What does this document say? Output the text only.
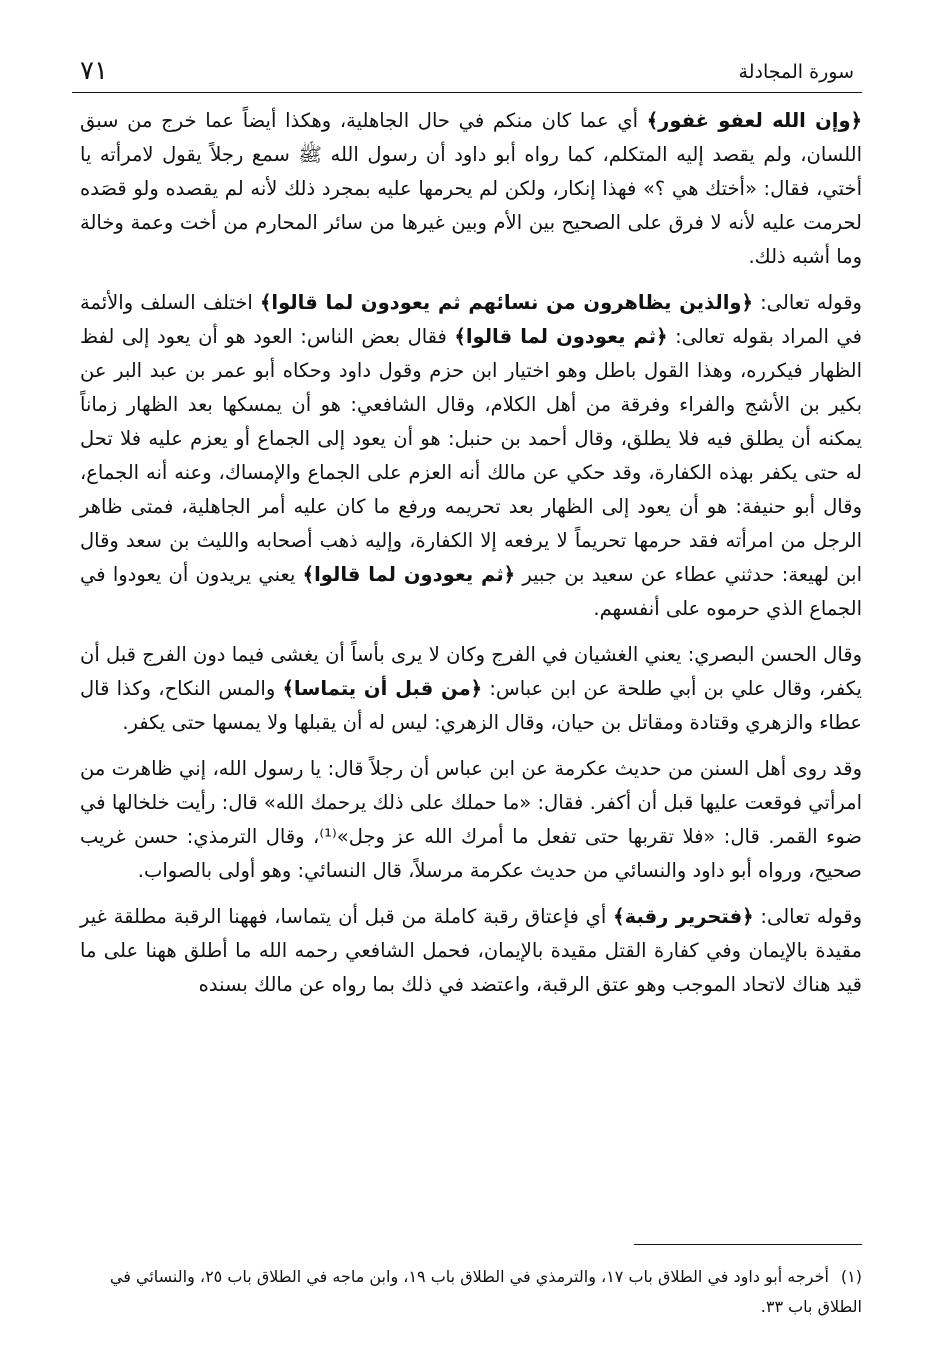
٧١	سورة المجادلة

﴿وإن الله لعفو غفور﴾ أي عما كان منكم في حال الجاهلية، وهكذا أيضاً عما خرج من سبق اللسان، ولم يقصد إليه المتكلم، كما رواه أبو داود أن رسول الله ﷺ سمع رجلاً يقول لامرأته يا أختي، فقال: «أختك هي ؟» فهذا إنكار، ولكن لم يحرمها عليه بمجرد ذلك لأنه لم يقصده ولو قصَده لحرمت عليه لأنه لا فرق على الصحيح بين الأم وبين غيرها من سائر المحارم من أخت وعمة وخالة وما أشبه ذلك.

وقوله تعالى: ﴿والذين يظاهرون من نسائهم ثم يعودون لما قالوا﴾ اختلف السلف والأئمة في المراد بقوله تعالى: ﴿ثم يعودون لما قالوا﴾ فقال بعض الناس: العود هو أن يعود إلى لفظ الظهار فيكرره، وهذا القول باطل وهو اختيار ابن حزم وقول داود وحكاه أبو عمر بن عبد البر عن بكير بن الأشج والفراء وفرقة من أهل الكلام، وقال الشافعي: هو أن يمسكها بعد الظهار زماناً يمكنه أن يطلق فيه فلا يطلق، وقال أحمد بن حنبل: هو أن يعود إلى الجماع أو يعزم عليه فلا تحل له حتى يكفر بهذه الكفارة، وقد حكي عن مالك أنه العزم على الجماع والإمساك، وعنه أنه الجماع، وقال أبو حنيفة: هو أن يعود إلى الظهار بعد تحريمه ورفع ما كان عليه أمر الجاهلية، فمتى ظاهر الرجل من امرأته فقد حرمها تحريماً لا يرفعه إلا الكفارة، وإليه ذهب أصحابه والليث بن سعد وقال ابن لهيعة: حدثني عطاء عن سعيد بن جبير ﴿ثم يعودون لما قالوا﴾ يعني يريدون أن يعودوا في الجماع الذي حرموه على أنفسهم.

وقال الحسن البصري: يعني الغشيان في الفرج وكان لا يرى بأساً أن يغشى فيما دون الفرج قبل أن يكفر، وقال علي بن أبي طلحة عن ابن عباس: ﴿من قبل أن يتماسا﴾ والمس النكاح، وكذا قال عطاء والزهري وقتادة ومقاتل بن حيان، وقال الزهري: ليس له أن يقبلها ولا يمسها حتى يكفر.

وقد روى أهل السنن من حديث عكرمة عن ابن عباس أن رجلاً قال: يا رسول الله، إني ظاهرت من امرأتي فوقعت عليها قبل أن أكفر. فقال: «ما حملك على ذلك يرحمك الله» قال: رأيت خلخالها في ضوء القمر. قال: «فلا تقربها حتى تفعل ما أمرك الله عز وجل»⁽¹⁾، وقال الترمذي: حسن غريب صحيح، ورواه أبو داود والنسائي من حديث عكرمة مرسلاً، قال النسائي: وهو أولى بالصواب.

وقوله تعالى: ﴿فتحرير رقبة﴾ أي فإعتاق رقبة كاملة من قبل أن يتماسا، فههنا الرقبة مطلقة غير مقيدة بالإيمان وفي كفارة القتل مقيدة بالإيمان، فحمل الشافعي رحمه الله ما أطلق ههنا على ما قيد هناك لاتحاد الموجب وهو عتق الرقبة، واعتضد في ذلك بما رواه عن مالك بسنده

(١)أخرجه أبو داود في الطلاق باب ١٧، والترمذي في الطلاق باب ١٩، وابن ماجه في الطلاق باب ٢٥، والنسائي في الطلاق باب ٣٣.
